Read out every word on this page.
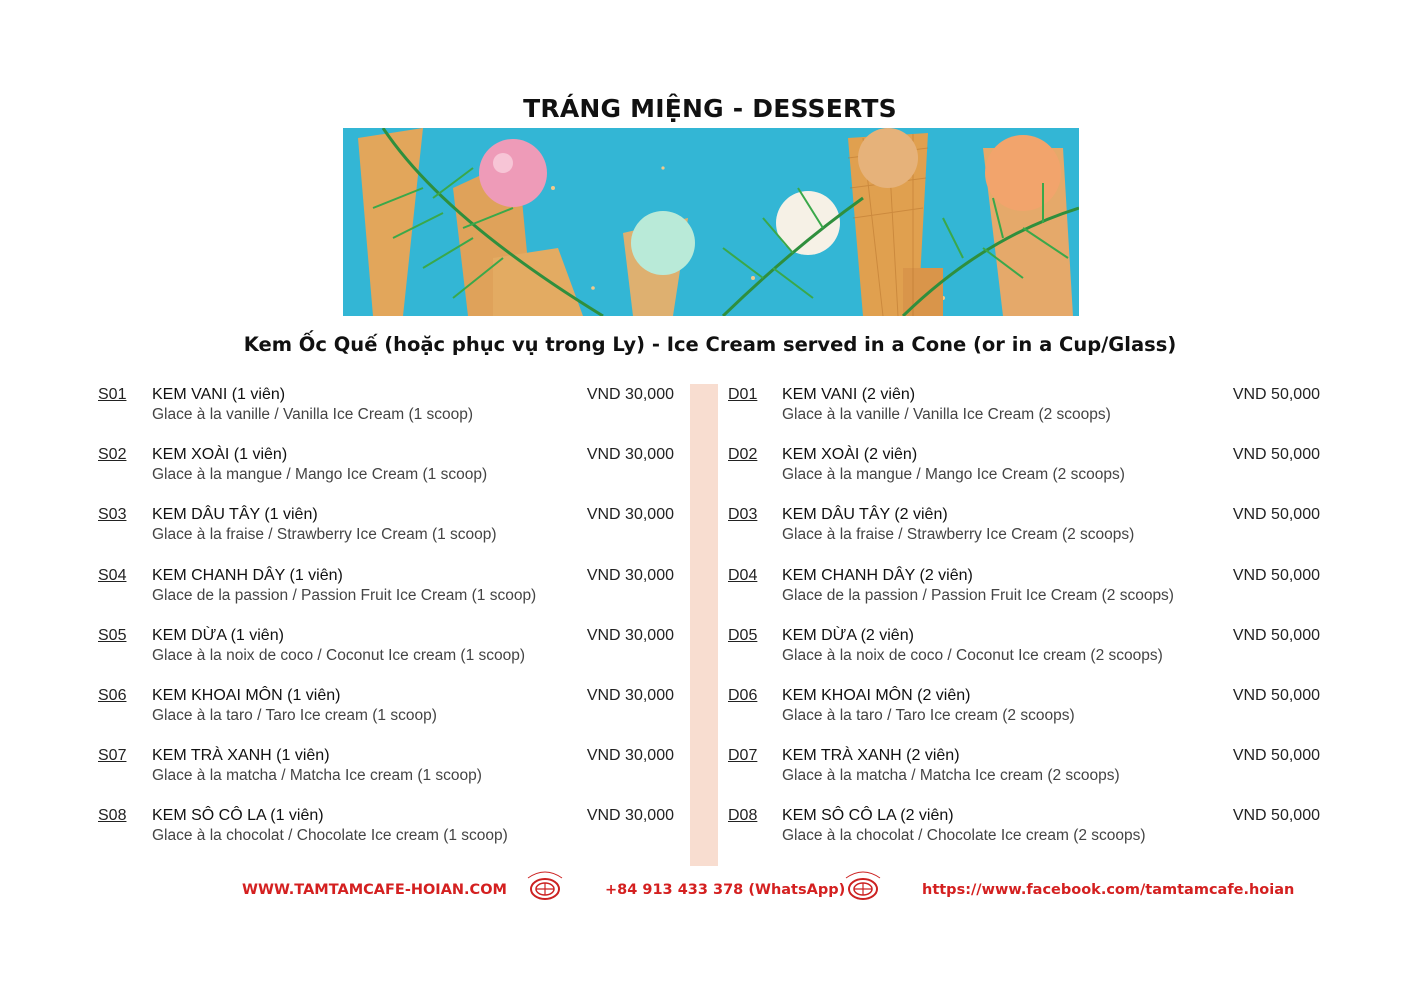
TRÁNG MIỆNG - DESSERTS
Kem Ốc Quế (hoặc phục vụ trong Ly) - Ice Cream served in a Cone (or in a Cup/Glass)
S01 KEM VANI (1 viên)
Glace à la vanille / Vanilla Ice Cream (1 scoop)
VND 30,000
S02 KEM XOÀI (1 viên)
Glace à la mangue / Mango Ice Cream (1 scoop)
VND 30,000
S03 KEM DÂU TÂY (1 viên)
Glace à la fraise / Strawberry Ice Cream (1 scoop)
VND 30,000
S04 KEM CHANH DÂY (1 viên)
Glace de la passion / Passion Fruit Ice Cream (1 scoop)
VND 30,000
S05 KEM DỪA (1 viên)
Glace à la noix de coco / Coconut Ice cream (1 scoop)
VND 30,000
S06 KEM KHOAI MÔN (1 viên)
Glace à la taro / Taro Ice cream (1 scoop)
VND 30,000
S07 KEM TRÀ XANH (1 viên)
Glace à la matcha / Matcha Ice cream (1 scoop)
VND 30,000
S08 KEM SÔ CÔ LA (1 viên)
Glace à la chocolat / Chocolate Ice cream (1 scoop)
VND 30,000
D01 KEM VANI (2 viên)
Glace à la vanille / Vanilla Ice Cream (2 scoops)
VND 50,000
D02 KEM XOÀI (2 viên)
Glace à la mangue / Mango Ice Cream (2 scoops)
VND 50,000
D03 KEM DÂU TÂY (2 viên)
Glace à la fraise / Strawberry Ice Cream (2 scoops)
VND 50,000
D04 KEM CHANH DÂY (2 viên)
Glace de la passion / Passion Fruit Ice Cream (2 scoops)
VND 50,000
D05 KEM DỪA (2 viên)
Glace à la noix de coco / Coconut Ice cream (2 scoops)
VND 50,000
D06 KEM KHOAI MÔN (2 viên)
Glace à la taro / Taro Ice cream (2 scoops)
VND 50,000
D07 KEM TRÀ XANH (2 viên)
Glace à la matcha / Matcha Ice cream (2 scoops)
VND 50,000
D08 KEM SÔ CÔ LA (2 viên)
Glace à la chocolat / Chocolate Ice cream (2 scoops)
VND 50,000
WWW.TAMTAMCAFE-HOIAN.COM	+84 913 433 378 (WhatsApp)	https://www.facebook.com/tamtamcafe.hoian
